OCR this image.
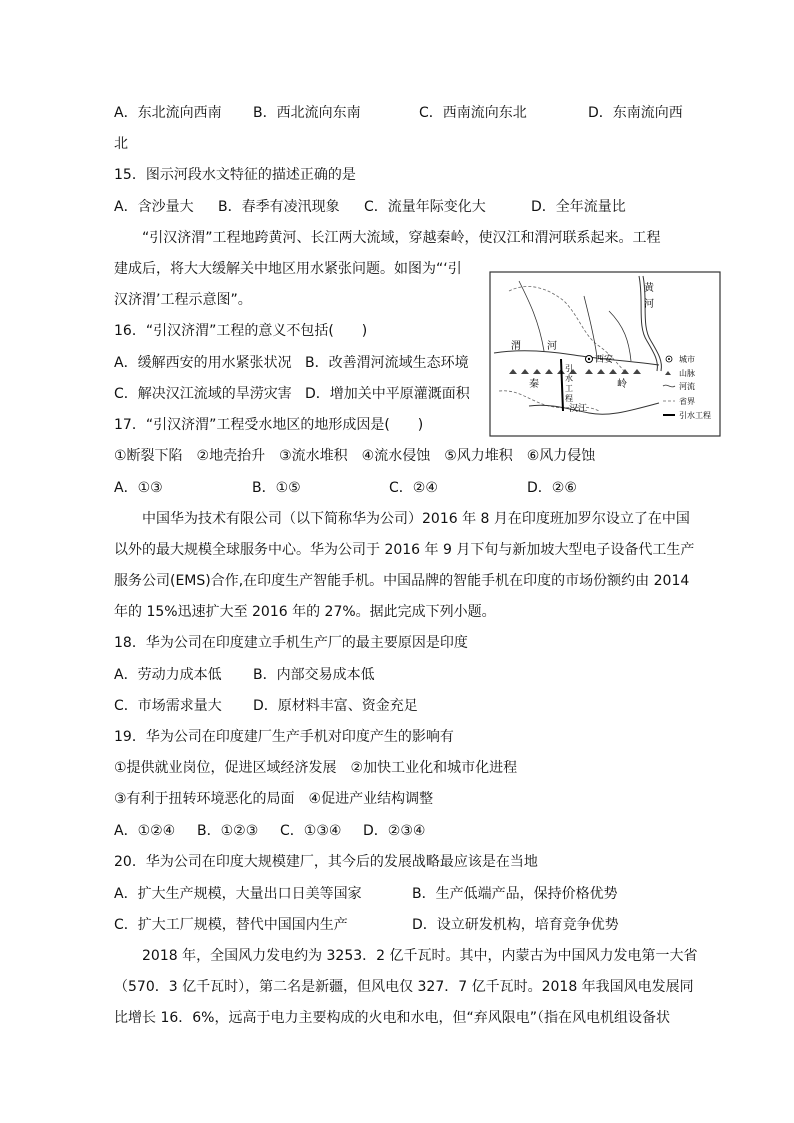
A．东北流向西南 B．西北流向东南	C．西南流向东北	D．东南流向西
北
15．图示河段水文特征的描述正确的是
A．含沙量大 B．春季有凌汛现象 C．流量年际变化大	D．全年流量比
“引汉济渭”工程地跨黄河、长江两大流域，穿越秦岭，使汉江和渭河联系起来。工程
建成后，将大大缓解关中地区用水紧张问题。如图为“‘引
汉济渭’工程示意图”。
16．“引汉济渭”工程的意义不包括(　　)
A．缓解西安的用水紧张状况 B．改善渭河流域生态环境
C．解决汉江流域的旱涝灾害 D．增加关中平原灌溉面积
17．“引汉济渭”工程受水地区的地形成因是(　　)
①断裂下陷　②地壳抬升　③流水堆积　④流水侵蚀　⑤风力堆积　⑥风力侵蚀
A．①③	B．①⑤	C．②④	D．②⑥
黄
河
渭	河
西安
秦	岭
引
水
工
程
汉江
城市
山脉
河流
省界
引水工程
中国华为技术有限公司（以下简称华为公司）2016 年 8 月在印度班加罗尔设立了在中国
以外的最大规模全球服务中心。华为公司于 2016 年 9 月下旬与新加坡大型电子设备代工生产
服务公司(EMS)合作,在印度生产智能手机。中国品牌的智能手机在印度的市场份额约由 2014
年的 15%迅速扩大至 2016 年的 27%。据此完成下列小题。
18．华为公司在印度建立手机生产厂的最主要原因是印度
A．劳动力成本低 B．内部交易成本低
C．市场需求量大 D．原材料丰富、资金充足
19．华为公司在印度建厂生产手机对印度产生的影响有
①提供就业岗位，促进区域经济发展　②加快工业化和城市化进程
③有利于扭转环境恶化的局面　④促进产业结构调整
A．①②④ B．①②③ C．①③④ D．②③④
20．华为公司在印度大规模建厂，其今后的发展战略最应该是在当地
A．扩大生产规模，大量出口日美等国家	B．生产低端产品，保持价格优势
C．扩大工厂规模，替代中国国内生产	D．设立研发机构，培育竞争优势
2018 年，全国风力发电约为 3253．2 亿千瓦时。其中，内蒙古为中国风力发电第一大省
（570．3 亿千瓦时），第二名是新疆，但风电仅 327．7 亿千瓦时。2018 年我国风电发展同
比增长 16．6%，远高于电力主要构成的火电和水电，但“弃风限电”（指在风电机组设备状
